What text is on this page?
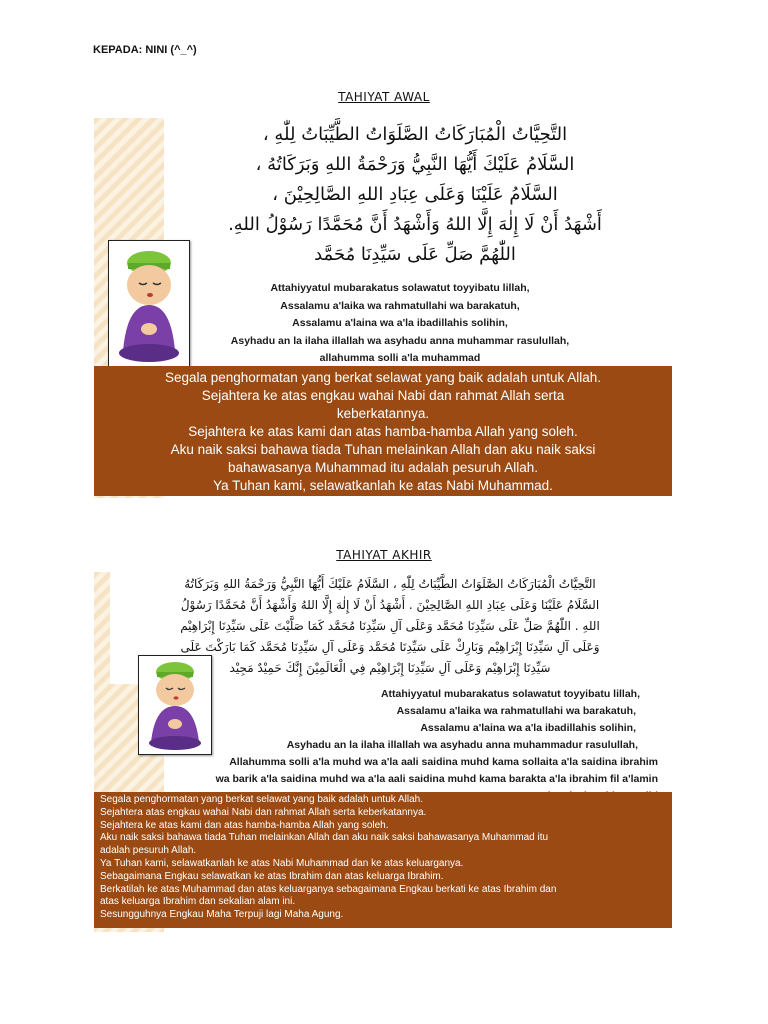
KEPADA: NINI (^_^)
TAHIYAT AWAL
التَّحِيَّاتُ الْمُبَارَكَاتُ الصَّلَوَاتُ الطَّيِّبَاتُ لِلّٰهِ ،
السَّلَامُ عَلَيْكَ أَيُّهَا النَّبِيُّ وَرَحْمَةُ اللهِ وَبَرَكَاتُهُ ،
السَّلَامُ عَلَيْنَا وَعَلَى عِبَادِ اللهِ الصَّالِحِيْنَ ،
أَشْهَدُ أَنْ لَا إِلٰهَ إِلَّا اللهُ وَأَشْهَدُ أَنَّ مُحَمَّدًا رَسُوْلُ اللهِ.
اللّٰهُمَّ صَلِّ عَلَى سَيِّدِنَا مُحَمَّد
Attahiyyatul mubarakatus solawatut toyyibatu lillah,
Assalamu a'laika wa rahmatullahi wa barakatuh,
Assalamu a'laina wa a'la ibadillahis solihin,
Asyhadu an la ilaha illallah wa asyhadu anna muhammar rasulullah,
allahumma solli a'la muhammad
Segala penghormatan yang berkat selawat yang baik adalah untuk Allah.
Sejahtera ke atas engkau wahai Nabi dan rahmat Allah serta
keberkatannya.
Sejahtera ke atas kami dan atas hamba-hamba Allah yang soleh.
Aku naik saksi bahawa tiada Tuhan melainkan Allah dan aku naik saksi
bahawasanya Muhammad itu adalah pesuruh Allah.
Ya Tuhan kami, selawatkanlah ke atas Nabi Muhammad.
TAHIYAT AKHIR
التَّحِيَّاتُ الْمُبَارَكَاتُ الصَّلَوَاتُ الطَّيِّبَاتُ لِلّٰهِ ، السَّلَامُ عَلَيْكَ أَيُّهَا النَّبِيُّ وَرَحْمَةُ اللهِ وَبَرَكَاتُهُ
السَّلَامُ عَلَيْنَا وَعَلَى عِبَادِ اللهِ الصَّالِحِيْنَ . أَشْهَدُ أَنْ لَا إِلٰهَ إِلَّا اللهُ وَأَشْهَدُ أَنَّ مُحَمَّدًا رَسُوْلُ
اللهِ . اللّٰهُمَّ صَلِّ عَلَى سَيِّدِنَا مُحَمَّد وَعَلَى آلِ سَيِّدِنَا مُحَمَّد كَمَا صَلَّيْتَ عَلَى سَيِّدِنَا إِبْرَاهِيْم
وَعَلَى آلِ سَيِّدِنَا إِبْرَاهِيْم وَبَارِكْ عَلَى سَيِّدِنَا مُحَمَّد وَعَلَى آلِ سَيِّدِنَا مُحَمَّد كَمَا بَارَكْتَ عَلَى
سَيِّدِنَا إِبْرَاهِيْم وَعَلَى آلِ سَيِّدِنَا إِبْرَاهِيْم فِي الْعَالَمِيْنَ إِنَّكَ حَمِيْدٌ مَجِيْد
Attahiyyatul mubarakatus solawatut toyyibatu lillah,
Assalamu a'laika wa rahmatullahi wa barakatuh,
Assalamu a'laina wa a'la ibadillahis solihin,
Asyhadu an la ilaha illallah wa asyhadu anna muhammadur rasulullah,
Allahumma solli a'la muhd wa a'la aali saidina muhd kama sollaita a'la saidina ibrahim
wa barik a'la saidina muhd wa a'la aali saidina muhd kama barakta a'la ibrahim fil a'lamin
Segala penghormatan yang berkat selawat yang baik adalah untuk Allah.
Sejahtera atas engkau wahai Nabi dan rahmat Allah serta keberkatannya.
Sejahtera ke atas kami dan atas hamba-hamba Allah yang soleh.
Aku naik saksi bahawa tiada Tuhan melainkan Allah dan aku naik saksi bahawasanya Muhammad itu
adalah pesuruh Allah.
Ya Tuhan kami, selawatkanlah ke atas Nabi Muhammad dan ke atas keluarganya.
Sebagaimana Engkau selawatkan ke atas Ibrahim dan atas keluarga Ibrahim.
Berkatilah ke atas Muhammad dan atas keluarganya sebagaimana Engkau berkati ke atas Ibrahim dan
atas keluarga Ibrahim dan sekalian alam ini.
Sesungguhnya Engkau Maha Terpuji lagi Maha Agung.
